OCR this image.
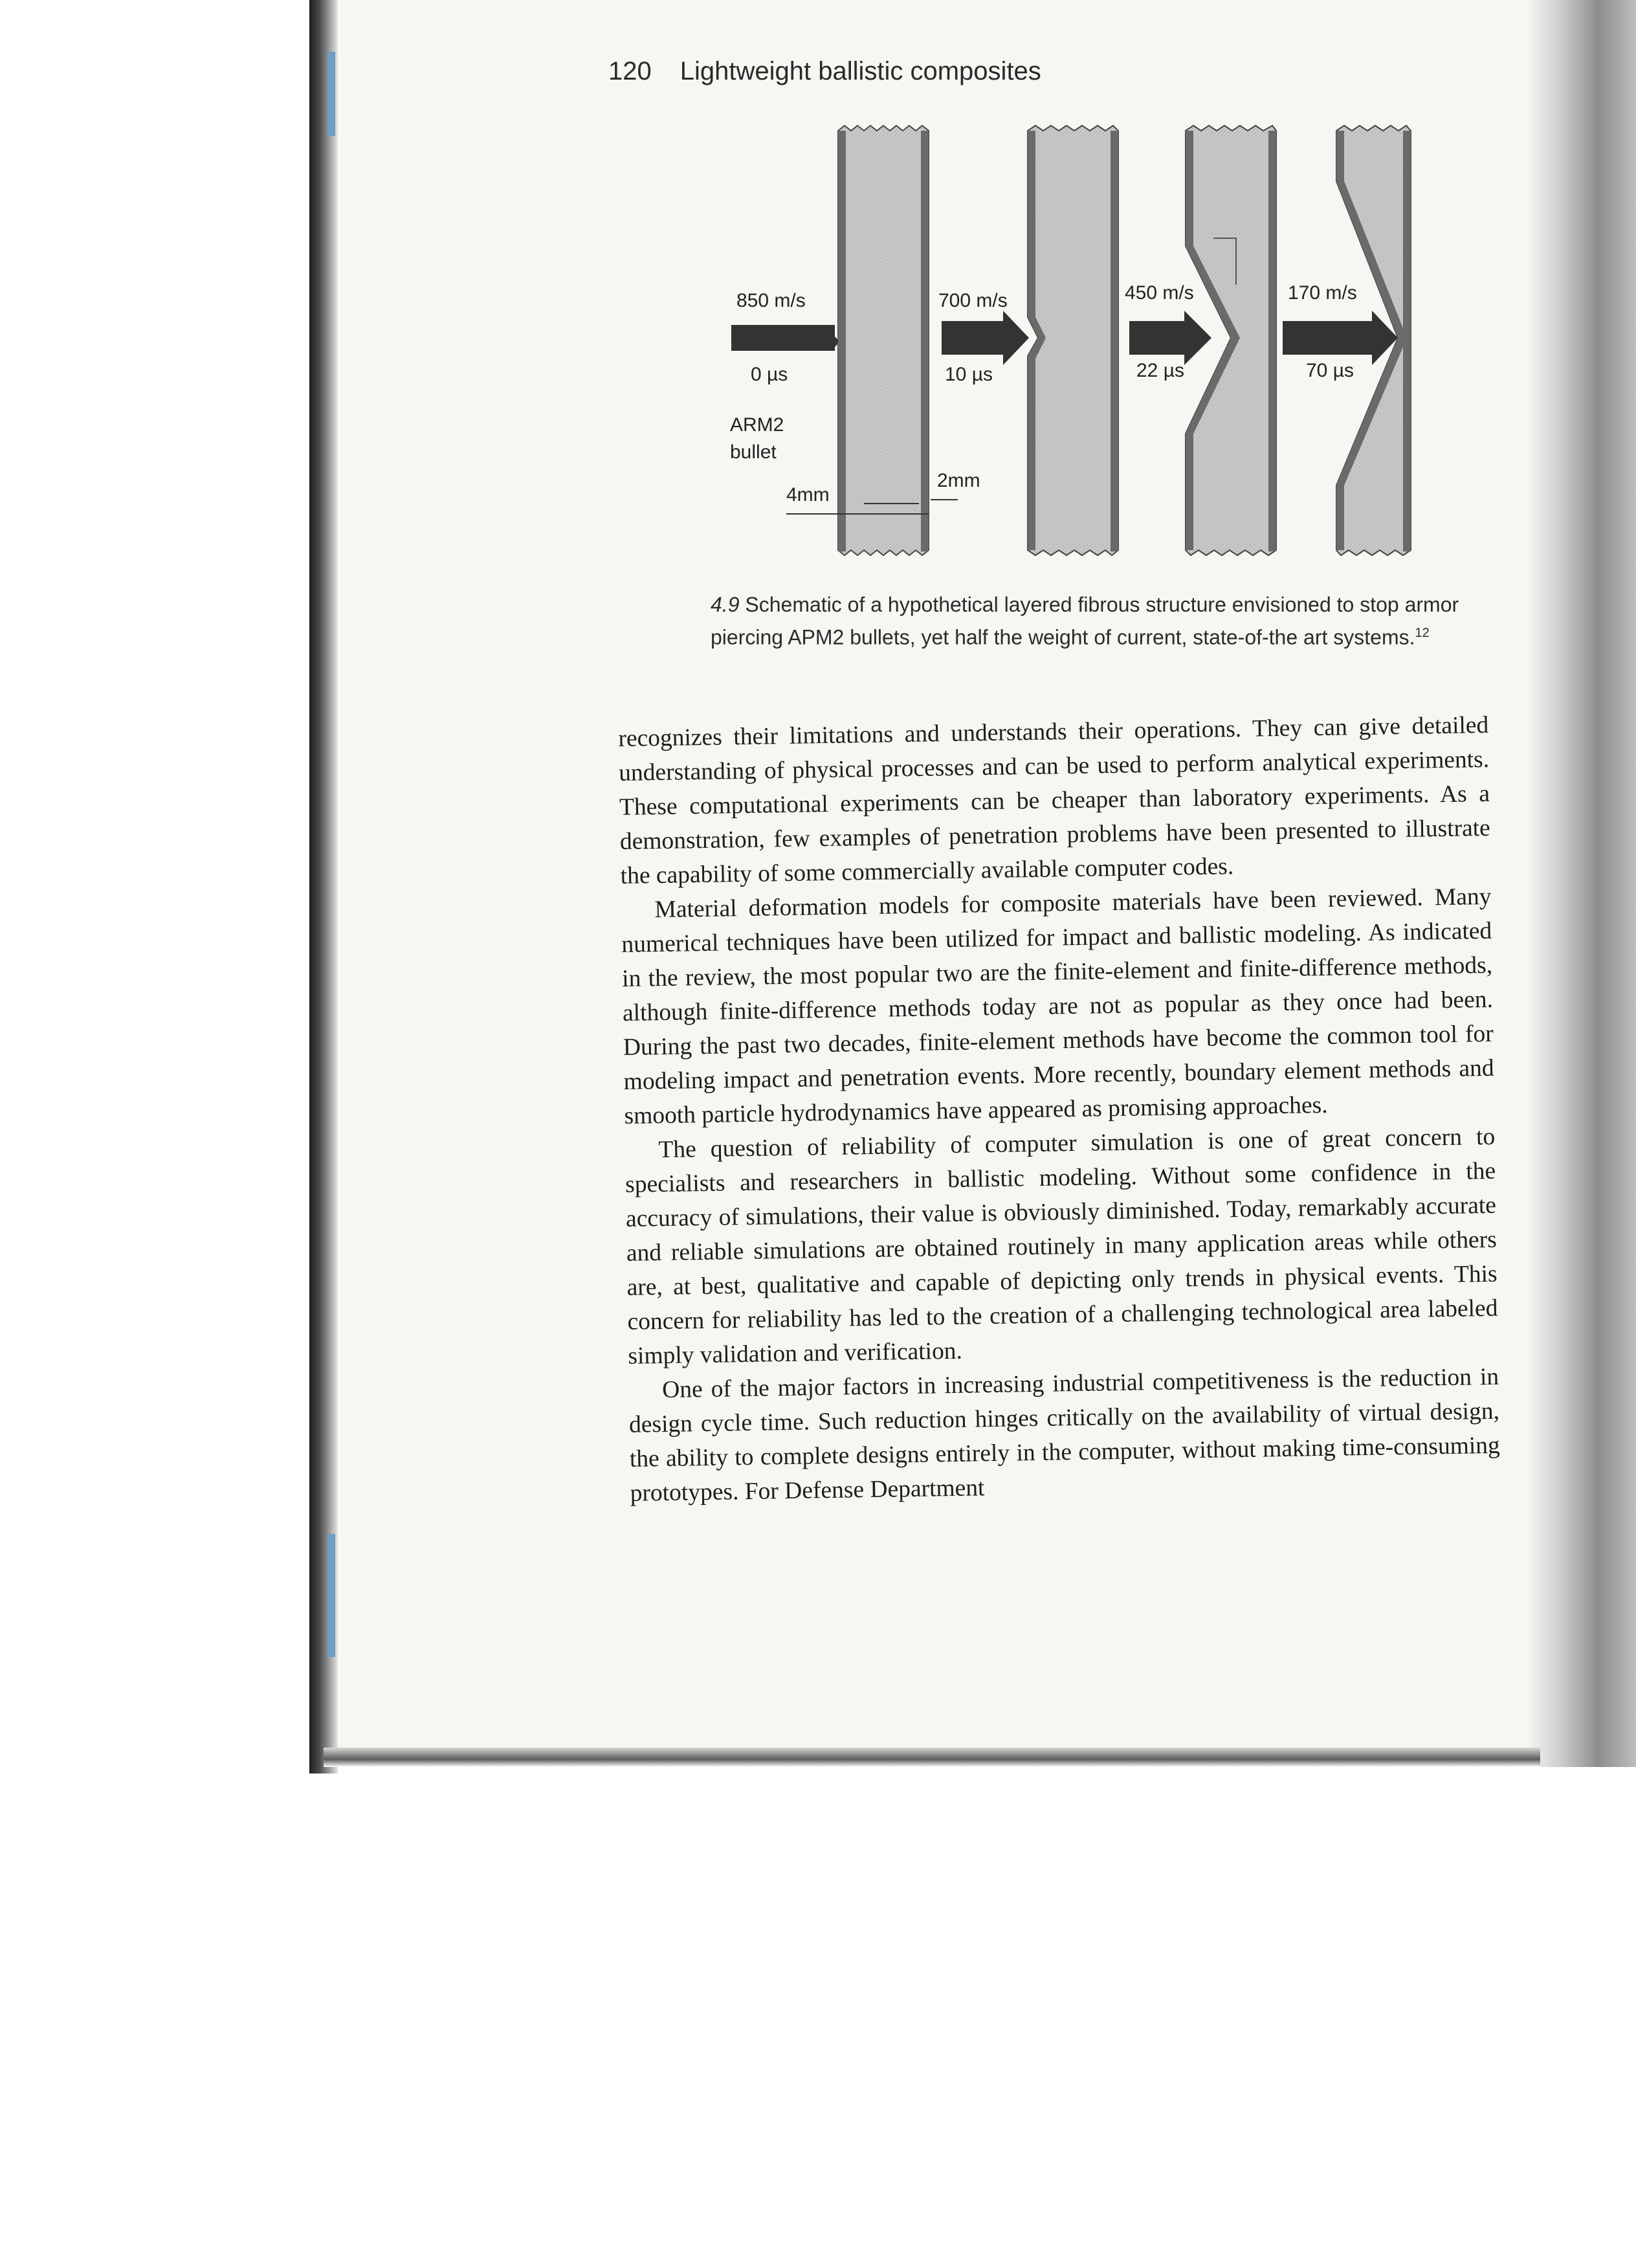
120 Lightweight ballistic composites
850 m/s	700 m/s	450 m/s	170 m/s
0 µs	10 µs	22 µs	70 µs
ARM2
bullet
4mm
2mm
4.9 Schematic of a hypothetical layered fibrous structure envisioned to stop armor piercing APM2 bullets, yet half the weight of current, state-of-the art systems.$^{12}$

recognizes their limitations and understands their operations. They can give detailed understanding of physical processes and can be used to perform analytical experiments. These computational experiments can be cheaper than laboratory experiments. As a demonstration, few examples of penetration problems have been presented to illustrate the capability of some commercially available computer codes.

Material deformation models for composite materials have been reviewed. Many numerical techniques have been utilized for impact and ballistic modeling. As indicated in the review, the most popular two are the finite-element and finite-difference methods, although finite-difference methods today are not as popular as they once had been. During the past two decades, finite-element methods have become the common tool for modeling impact and penetration events. More recently, boundary element methods and smooth particle hydrodynamics have appeared as promising approaches.

The question of reliability of computer simulation is one of great concern to specialists and researchers in ballistic modeling. Without some confidence in the accuracy of simulations, their value is obviously diminished. Today, remarkably accurate and reliable simulations are obtained routinely in many application areas while others are, at best, qualitative and capable of depicting only trends in physical events. This concern for reliability has led to the creation of a challenging technological area labeled simply validation and verification.

One of the major factors in increasing industrial competitiveness is the reduction in design cycle time. Such reduction hinges critically on the availability of virtual design, the ability to complete designs entirely in the computer, without making time-consuming prototypes. For Defense Department
